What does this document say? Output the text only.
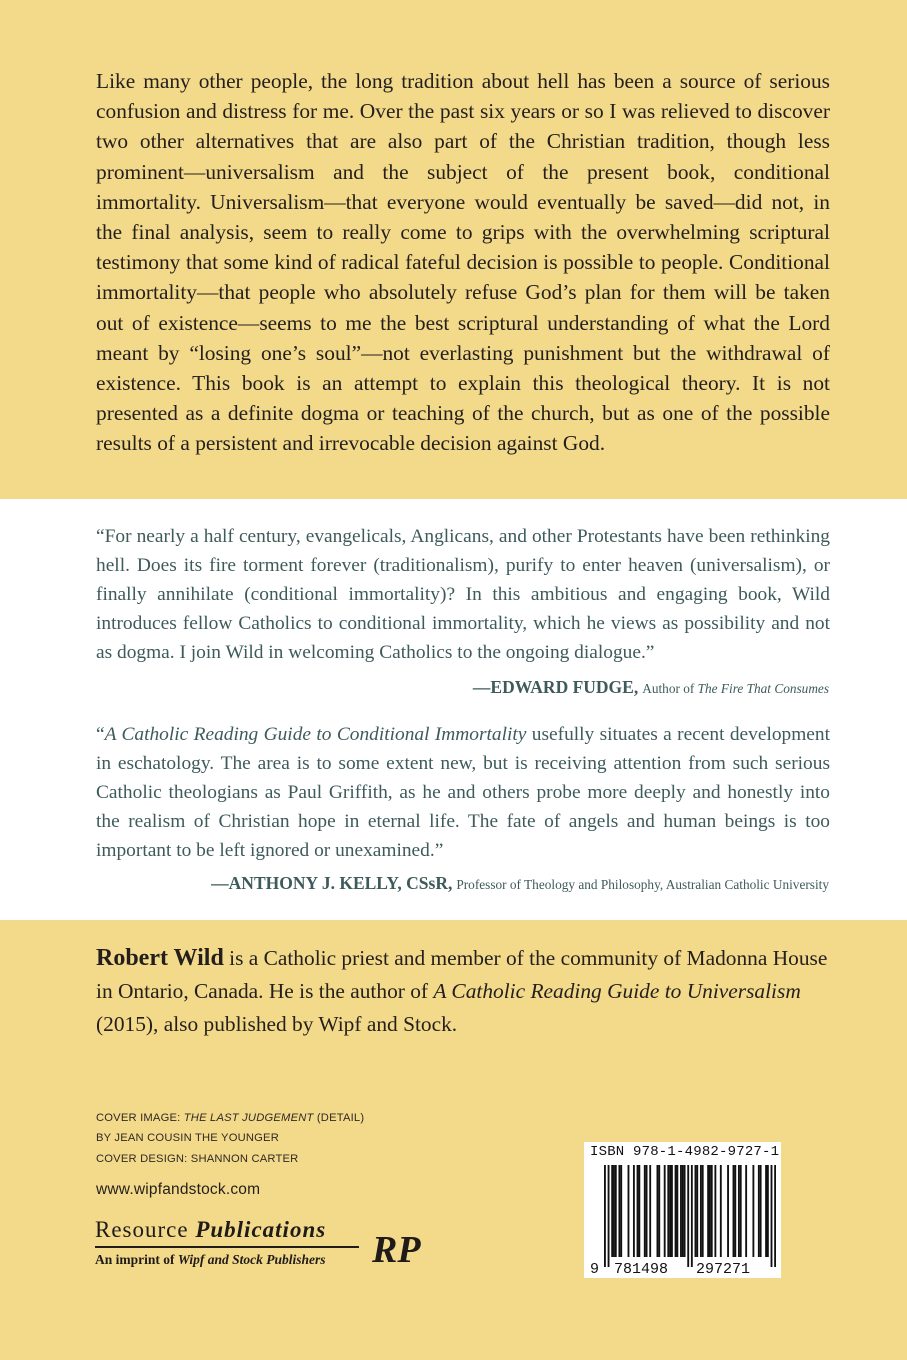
Like many other people, the long tradition about hell has been a source of serious confusion and distress for me. Over the past six years or so I was relieved to discover two other alternatives that are also part of the Christian tradition, though less prominent—universalism and the subject of the present book, conditional immortality. Universalism—that everyone would eventually be saved—did not, in the final analysis, seem to really come to grips with the overwhelming scriptural testimony that some kind of radical fateful decision is possible to people. Conditional immortality—that people who absolutely refuse God’s plan for them will be taken out of existence—seems to me the best scriptural understanding of what the Lord meant by “losing one’s soul”—not everlasting punishment but the withdrawal of existence. This book is an attempt to explain this theological theory. It is not presented as a definite dogma or teaching of the church, but as one of the possible results of a persistent and irrevocable decision against God.

“For nearly a half century, evangelicals, Anglicans, and other Protestants have been rethinking hell. Does its fire torment forever (traditionalism), purify to enter heaven (universalism), or finally annihilate (conditional immortality)? In this ambitious and engaging book, Wild introduces fellow Catholics to conditional immortality, which he views as possibility and not as dogma. I join Wild in welcoming Catholics to the ongoing dialogue.”

—EDWARD FUDGE, Author of The Fire That Consumes

“A Catholic Reading Guide to Conditional Immortality usefully situates a recent development in eschatology. The area is to some extent new, but is receiving attention from such serious Catholic theologians as Paul Griffith, as he and others probe more deeply and honestly into the realism of Christian hope in eternal life. The fate of angels and human beings is too important to be left ignored or unexamined.”

—ANTHONY J. KELLY, CSsR, Professor of Theology and Philosophy, Australian Catholic University

Robert Wild is a Catholic priest and member of the community of Madonna House in Ontario, Canada. He is the author of A Catholic Reading Guide to Universalism (2015), also published by Wipf and Stock.

COVER IMAGE: THE LAST JUDGEMENT (DETAIL)
BY JEAN COUSIN THE YOUNGER
COVER DESIGN: SHANNON CARTER
www.wipfandstock.com
Resource Publications
An imprint of Wipf and Stock Publishers	RP
ISBN 978-1-4982-9727-1
9 781498 297271
